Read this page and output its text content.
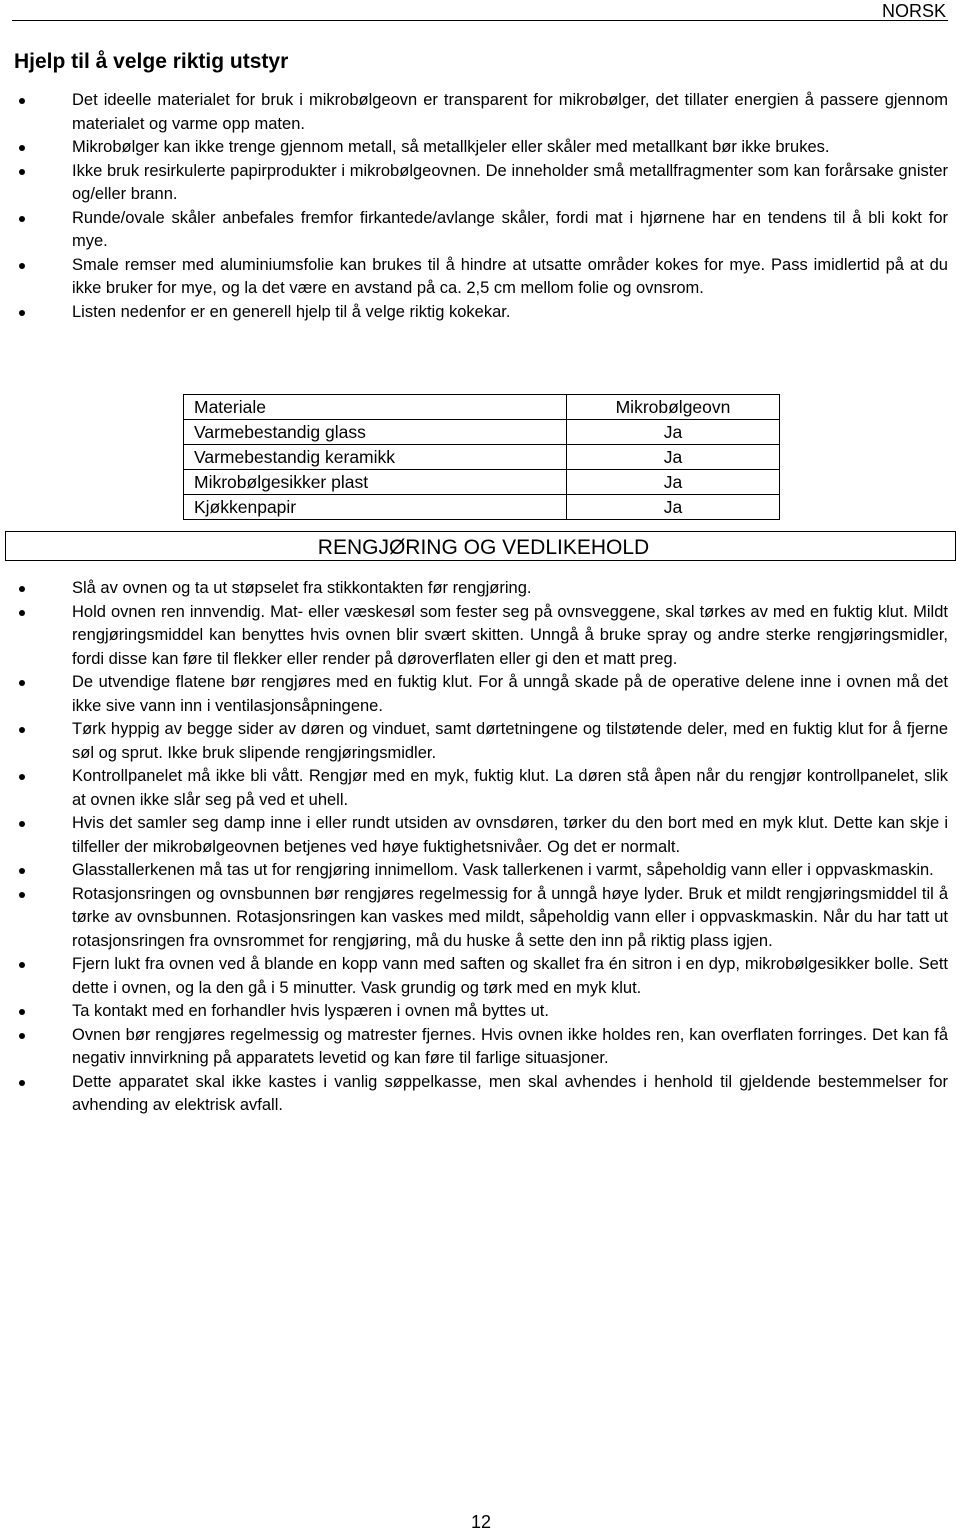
NORSK
Hjelp til å velge riktig utstyr
Det ideelle materialet for bruk i mikrobølgeovn er transparent for mikrobølger, det tillater energien å passere gjennom materialet og varme opp maten.
Mikrobølger kan ikke trenge gjennom metall, så metallkjeler eller skåler med metallkant bør ikke brukes.
Ikke bruk resirkulerte papirprodukter i mikrobølgeovnen. De inneholder små metallfragmenter som kan forårsake gnister og/eller brann.
Runde/ovale skåler anbefales fremfor firkantede/avlange skåler, fordi mat i hjørnene har en tendens til å bli kokt for mye.
Smale remser med aluminiumsfolie kan brukes til å hindre at utsatte områder kokes for mye. Pass imidlertid på at du ikke bruker for mye, og la det være en avstand på ca. 2,5 cm mellom folie og ovnsrom.
Listen nedenfor er en generell hjelp til å velge riktig kokekar.
Materiale	Mikrobølgeovn
Varmebestandig glass	Ja
Varmebestandig keramikk	Ja
Mikrobølgesikker plast	Ja
Kjøkkenpapir	Ja
RENGJØRING OG VEDLIKEHOLD
Slå av ovnen og ta ut støpselet fra stikkontakten før rengjøring.
Hold ovnen ren innvendig. Mat- eller væskesøl som fester seg på ovnsveggene, skal tørkes av med en fuktig klut. Mildt rengjøringsmiddel kan benyttes hvis ovnen blir svært skitten. Unngå å bruke spray og andre sterke rengjøringsmidler, fordi disse kan føre til flekker eller render på døroverflaten eller gi den et matt preg.
De utvendige flatene bør rengjøres med en fuktig klut. For å unngå skade på de operative delene inne i ovnen må det ikke sive vann inn i ventilasjonsåpningene.
Tørk hyppig av begge sider av døren og vinduet, samt dørtetningene og tilstøtende deler, med en fuktig klut for å fjerne søl og sprut. Ikke bruk slipende rengjøringsmidler.
Kontrollpanelet må ikke bli vått. Rengjør med en myk, fuktig klut. La døren stå åpen når du rengjør kontrollpanelet, slik at ovnen ikke slår seg på ved et uhell.
Hvis det samler seg damp inne i eller rundt utsiden av ovnsdøren, tørker du den bort med en myk klut. Dette kan skje i tilfeller der mikrobølgeovnen betjenes ved høye fuktighetsnivåer. Og det er normalt.
Glasstallerkenen må tas ut for rengjøring innimellom. Vask tallerkenen i varmt, såpeholdig vann eller i oppvaskmaskin.
Rotasjonsringen og ovnsbunnen bør rengjøres regelmessig for å unngå høye lyder. Bruk et mildt rengjøringsmiddel til å tørke av ovnsbunnen. Rotasjonsringen kan vaskes med mildt, såpeholdig vann eller i oppvaskmaskin. Når du har tatt ut rotasjonsringen fra ovnsrommet for rengjøring, må du huske å sette den inn på riktig plass igjen.
Fjern lukt fra ovnen ved å blande en kopp vann med saften og skallet fra én sitron i en dyp, mikrobølgesikker bolle. Sett dette i ovnen, og la den gå i 5 minutter. Vask grundig og tørk med en myk klut.
Ta kontakt med en forhandler hvis lyspæren i ovnen må byttes ut.
Ovnen bør rengjøres regelmessig og matrester fjernes. Hvis ovnen ikke holdes ren, kan overflaten forringes. Det kan få negativ innvirkning på apparatets levetid og kan føre til farlige situasjoner.
Dette apparatet skal ikke kastes i vanlig søppelkasse, men skal avhendes i henhold til gjeldende bestemmelser for avhending av elektrisk avfall.
12
